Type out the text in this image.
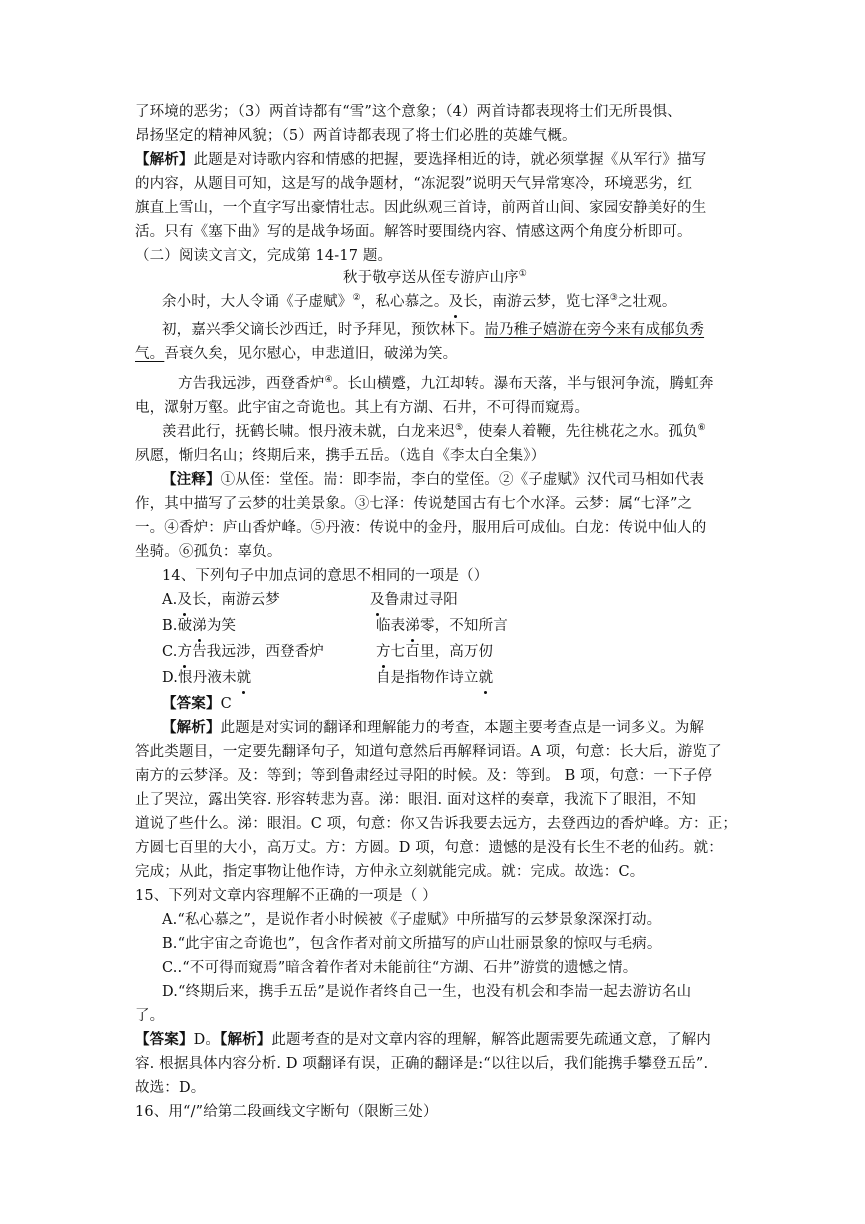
了环境的恶劣；（3）两首诗都有“雪”这个意象；（4）两首诗都表现将士们无所畏惧、
昂扬坚定的精神风貌；（5）两首诗都表现了将士们必胜的英雄气概。
【解析】此题是对诗歌内容和情感的把握，要选择相近的诗，就必须掌握《从军行》描写
的内容，从题目可知，这是写的战争题材，“冻泥裂”说明天气异常寒冷，环境恶劣，红
旗直上雪山，一个直字写出豪情壮志。因此纵观三首诗，前两首山间、家园安静美好的生
活。只有《塞下曲》写的是战争场面。解答时要围绕内容、情感这两个角度分析即可。
（二）阅读文言文，完成第 14-17 题。
秋于敬亭送从侄专游庐山序①
余小时，大人令诵《子虚赋》②，私心慕之。及长，南游云梦，览七泽③之壮观。
初，嘉兴季父谪长沙西迁，时予拜见，预饮林下。耑乃稚子嬉游在旁今来有成郁负秀
气。吾衰久矣，见尔慰心，申悲道旧，破涕为笑。
方告我远涉，西登香炉④。长山横蹙，九江却转。瀑布天落，半与银河争流，腾虹奔
电，潀射万壑。此宇宙之奇诡也。其上有方湖、石井，不可得而窥焉。
羡君此行，抚鹤长啸。恨丹液未就，白龙来迟⑤，使秦人着鞭，先往桃花之水。孤负⑥
夙愿，惭归名山；终期后来，携手五岳。（选自《李太白全集》）
【注释】①从侄：堂侄。耑：即李耑，李白的堂侄。②《子虚赋》汉代司马相如代表
作，其中描写了云梦的壮美景象。③七泽：传说楚国古有七个水泽。云梦：属“七泽”之
一。④香炉：庐山香炉峰。⑤丹液：传说中的金丹，服用后可成仙。白龙：传说中仙人的
坐骑。⑥孤负：辜负。
14、下列句子中加点词的意思不相同的一项是（）
A.及长，南游云梦	及鲁肃过寻阳
B.破涕为笑	临表涕零，不知所言
C.方告我远涉，西登香炉	方七百里，高万仞
D.恨丹液未就	自是指物作诗立就
【答案】C
【解析】此题是对实词的翻译和理解能力的考查，本题主要考查点是一词多义。为解
答此类题目，一定要先翻译句子，知道句意然后再解释词语。A 项，句意：长大后，游览了
南方的云梦泽。及：等到；等到鲁肃经过寻阳的时候。及：等到。 B 项，句意：一下子停
止了哭泣，露出笑容. 形容转悲为喜。涕：眼泪. 面对这样的奏章，我流下了眼泪，不知
道说了些什么。涕：眼泪。C 项，句意：你又告诉我要去远方，去登西边的香炉峰。方：正；
方圆七百里的大小，高万丈。方：方圆。D 项，句意：遗憾的是没有长生不老的仙药。就：
完成；从此，指定事物让他作诗，方仲永立刻就能完成。就：完成。故选：C。
15、下列对文章内容理解不正确的一项是（ ）
A.“私心慕之”，是说作者小时候被《子虚赋》中所描写的云梦景象深深打动。
B.“此宇宙之奇诡也”，包含作者对前文所描写的庐山壮丽景象的惊叹与毛病。
C..“不可得而窥焉”暗含着作者对未能前往“方湖、石井”游赏的遗憾之情。
D.“终期后来，携手五岳”是说作者终自己一生，也没有机会和李耑一起去游访名山
了。
【答案】D。【解析】此题考查的是对文章内容的理解，解答此题需要先疏通文意，了解内
容. 根据具体内容分析. D 项翻译有误，正确的翻译是:“以往以后，我们能携手攀登五岳”.
故选：D。
16、用“/”给第二段画线文字断句（限断三处）
